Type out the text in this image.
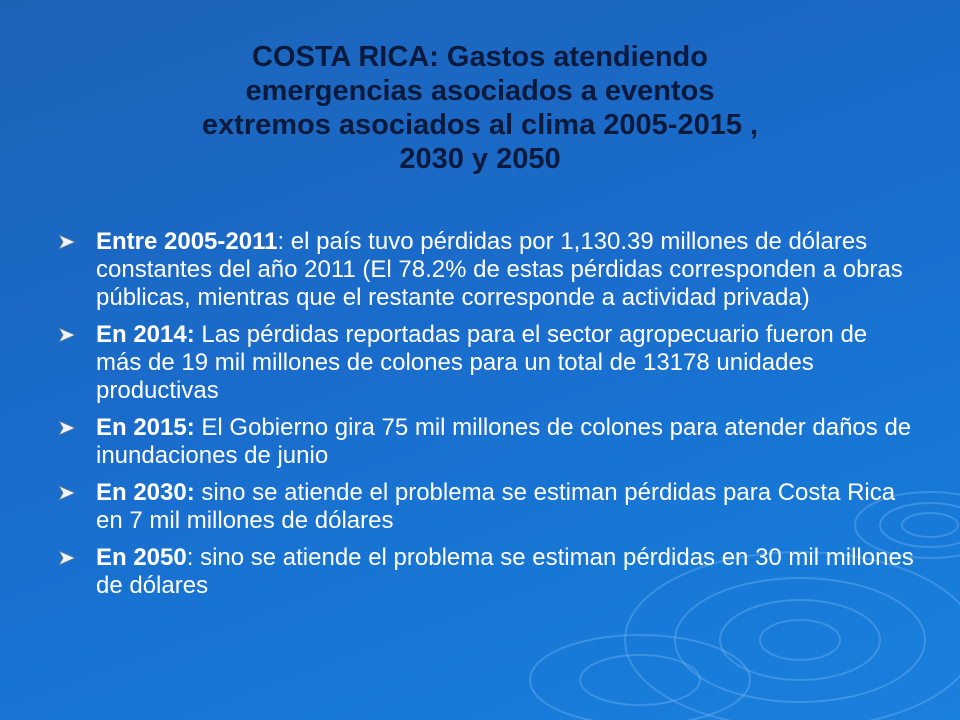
COSTA RICA: Gastos atendiendo
emergencias asociados a eventos
extremos asociados al clima 2005-2015 ,
2030 y 2050
Entre 2005-2011: el país tuvo pérdidas por 1,130.39 millones de dólares constantes del año 2011 (El 78.2% de estas pérdidas corresponden a obras públicas, mientras que el restante corresponde a actividad privada)
En 2014: Las pérdidas reportadas para el sector agropecuario fueron de más de 19 mil millones de colones para un total de 13178 unidades productivas
En 2015: El Gobierno gira 75 mil millones de colones para atender daños de inundaciones de junio
En 2030: sino se atiende el problema se estiman pérdidas para Costa Rica en 7 mil millones de dólares
En 2050: sino se atiende el problema se estiman pérdidas en 30 mil millones de dólares
